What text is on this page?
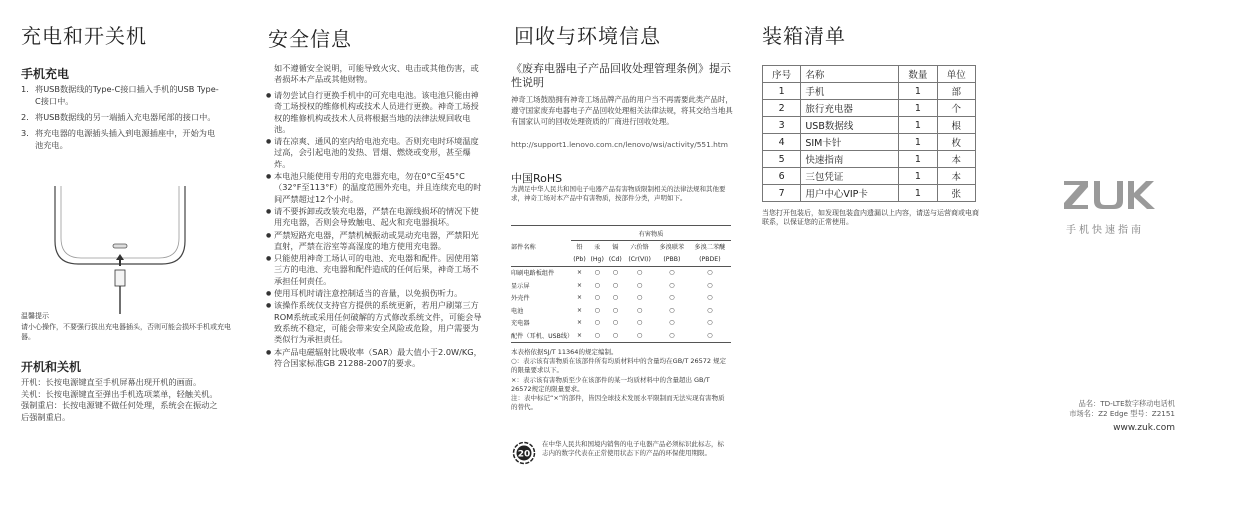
充电和开关机
手机充电
1. 将USB数据线的Type-C接口插入手机的USB Type-C接口中。
2. 将USB数据线的另一端插入充电器尾部的接口中。
3. 将充电器的电源插头插入到电源插座中，开始为电池充电。
温馨提示
请小心操作，不要强行拔出充电器插头，否则可能会损坏手机或充电器。
开机和关机
开机：长按电源键直至手机屏幕出现开机的画面。
关机：长按电源键直至弹出手机选项菜单，轻触关机。
强制重启：长按电源键不做任何处理，系统会在振动之后强制重启。
安全信息
如不遵循安全说明，可能导致火灾、电击或其他伤害，或者损坏本产品或其他财物。
● 请勿尝试自行更换手机中的可充电电池。该电池只能由神奇工场授权的维修机构或技术人员进行更换。神奇工场授权的维修机构或技术人员将根据当地的法律法规回收电池。
● 请在凉爽、通风的室内给电池充电。否则充电时环境温度过高，会引起电池的发热、冒烟、燃烧或变形，甚至爆炸。
● 本电池只能使用专用的充电器充电，勿在0°C至45°C（32°F至113°F）的温度范围外充电，并且连续充电的时间严禁超过12个小时。
● 请不要拆卸或改装充电器，严禁在电源线损坏的情况下使用充电器，否则会导致触电、起火和充电器损坏。
● 严禁短路充电器，严禁机械振动或晃动充电器，严禁阳光直射，严禁在浴室等高湿度的地方使用充电器。
● 只能使用神奇工场认可的电池、充电器和配件。因使用第三方的电池、充电器和配件造成的任何后果，神奇工场不承担任何责任。
● 使用耳机时请注意控制适当的音量，以免损伤听力。
● 该操作系统仅支持官方提供的系统更新，若用户刷第三方ROM系统或采用任何破解的方式修改系统文件，可能会导致系统不稳定，可能会带来安全风险或危险，用户需要为类似行为承担责任。
● 本产品电磁辐射比吸收率（SAR）最大值小于2.0W/KG，符合国家标准GB 21288-2007的要求。
回收与环境信息
《废弃电器电子产品回收处理管理条例》提示性说明
神奇工场鼓励拥有神奇工场品牌产品的用户当不再需要此类产品时，遵守国家废弃电器电子产品回收处理相关法律法规，将其交给当地具有国家认可的回收处理资质的厂商进行回收处理。
http://support1.lenovo.com.cn/lenovo/wsi/activity/551.htm
中国RoHS
为满足中华人民共和国电子电器产品有害物质限制相关的法律法规和其他要求，神奇工场对本产品中有害物质，按部件分类，声明如下。
部件名称	有害物质					
	铅	汞	镉	六价铬	多溴联苯	多溴二苯醚
	(Pb)	(Hg)	(Cd)	(Cr(VI))	(PBB)	(PBDE)
印刷电路板组件	×	○	○	○	○	○
显示屏	×	○	○	○	○	○
外壳件	×	○	○	○	○	○
电池	×	○	○	○	○	○
充电器	×	○	○	○	○	○
配件（耳机、USB线）	×	○	○	○	○	○
本表格依据SJ/T 11364的规定编制。
○：表示该有害物质在该部件所有均质材料中的含量均在GB/T 26572 规定的限量要求以下。
×：表示该有害物质至少在该部件的某一均质材料中的含量超出 GB/T 26572规定的限量要求。
注：表中标记“×”的部件，皆因全球技术发展水平限制而无法实现有害物质的替代。
20
在中华人民共和国境内销售的电子电器产品必须标识此标志，标志内的数字代表在正常使用状态下的产品的环保使用期限。
装箱清单
序号	名称	数量	单位
1	手机	1	部
2	旅行充电器	1	个
3	USB数据线	1	根
4	SIM卡针	1	枚
5	快速指南	1	本
6	三包凭证	1	本
7	用户中心VIP卡	1	张
当您打开包装后，如发现包装盒内遗漏以上内容，请送与运营商或电商联系，以保证您的正常使用。
手机快速指南
品名：TD-LTE数字移动电话机
市场名：Z2 Edge 型号：Z2151
www.zuk.com
